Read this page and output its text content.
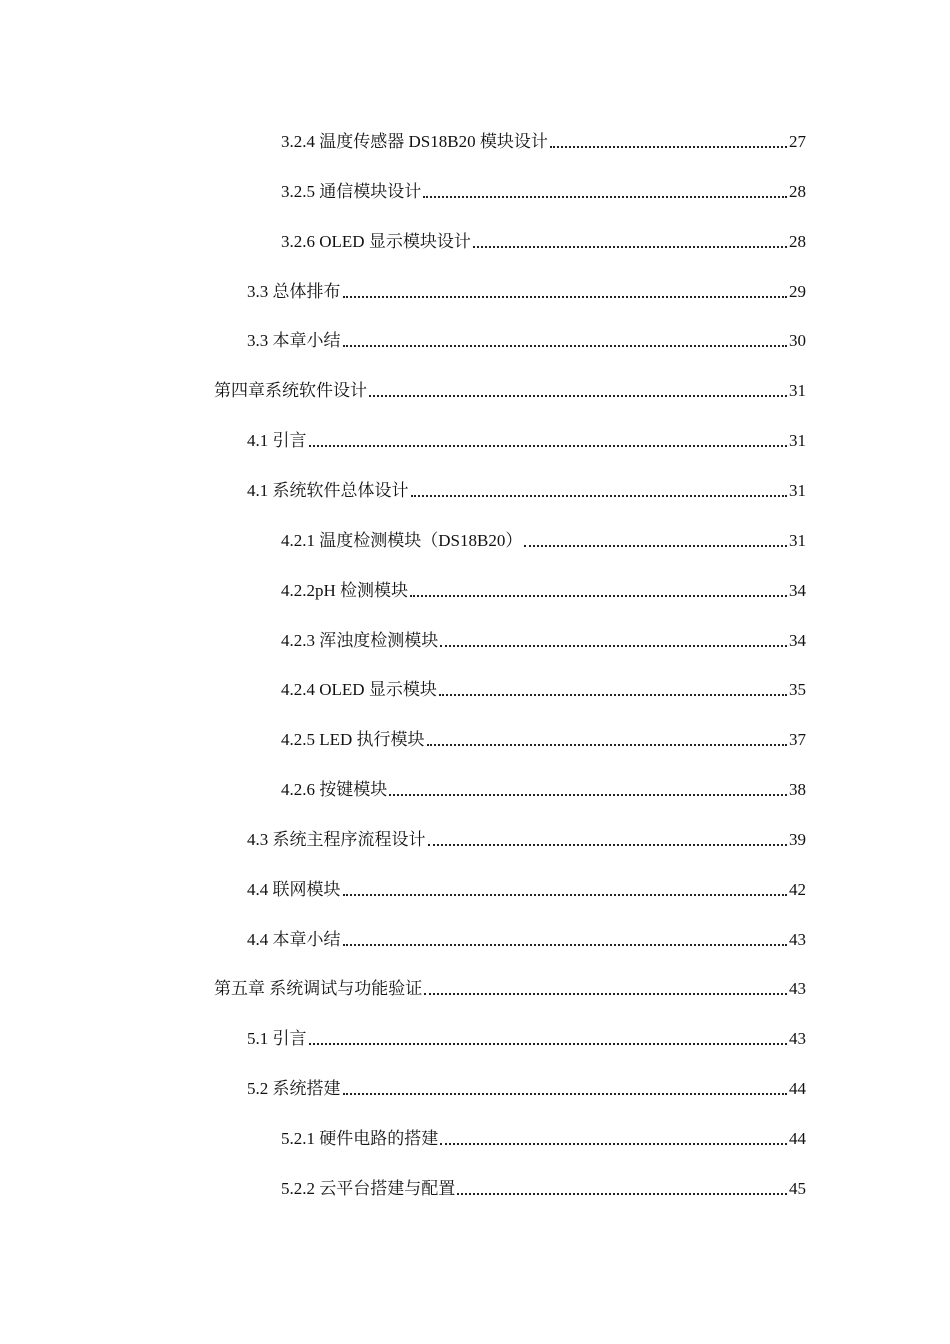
3.2.4 温度传感器 DS18B20 模块设计	27
3.2.5 通信模块设计	28
3.2.6 OLED 显示模块设计	28
3.3 总体排布	29
3.3 本章小结	30
第四章系统软件设计	31
4.1 引言	31
4.1 系统软件总体设计	31
4.2.1 温度检测模块（DS18B20）	31
4.2.2pH 检测模块	34
4.2.3 浑浊度检测模块	34
4.2.4 OLED 显示模块	35
4.2.5 LED 执行模块	37
4.2.6 按键模块	38
4.3 系统主程序流程设计	39
4.4 联网模块	42
4.4 本章小结	43
第五章 系统调试与功能验证	43
5.1 引言	43
5.2 系统搭建	44
5.2.1 硬件电路的搭建	44
5.2.2 云平台搭建与配置	45
